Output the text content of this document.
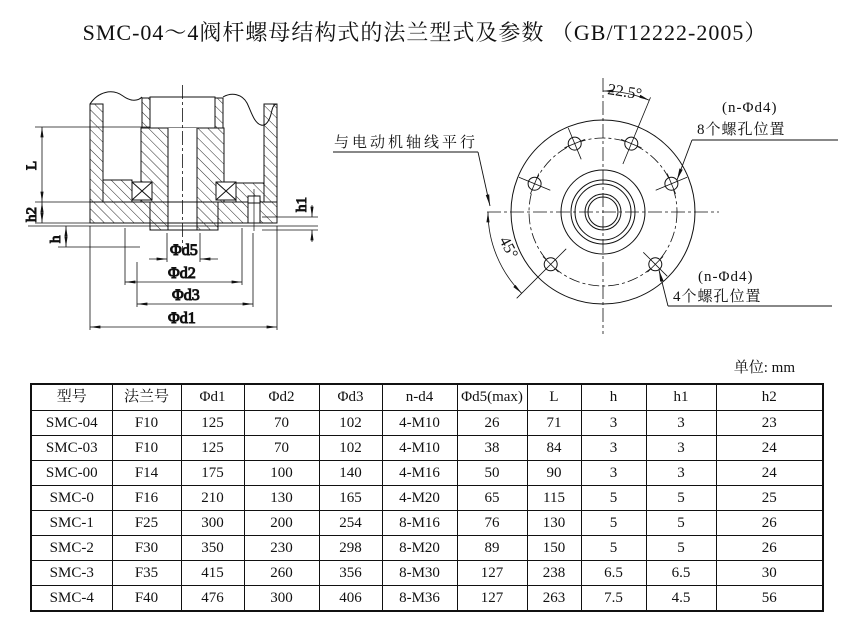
SMC-04～4阀杆螺母结构式的法兰型式及参数 （GB/T12222-2005）
L
h2
h
h1
Φd5
Φd2
Φd3
Φd1
22.5°
45°
与电动机轴线平行
(n-Φd4)
8个螺孔位置
(n-Φd4)
4个螺孔位置
单位: mm
型号	法兰号	Φd1	Φd2	Φd3	n-d4	Φd5(max)	L	h	h1	h2
SMC-04	F10	125	70	102	4-M10	26	71	3	3	23
SMC-03	F10	125	70	102	4-M10	38	84	3	3	24
SMC-00	F14	175	100	140	4-M16	50	90	3	3	24
SMC-0	F16	210	130	165	4-M20	65	115	5	5	25
SMC-1	F25	300	200	254	8-M16	76	130	5	5	26
SMC-2	F30	350	230	298	8-M20	89	150	5	5	26
SMC-3	F35	415	260	356	8-M30	127	238	6.5	6.5	30
SMC-4	F40	476	300	406	8-M36	127	263	7.5	4.5	56
